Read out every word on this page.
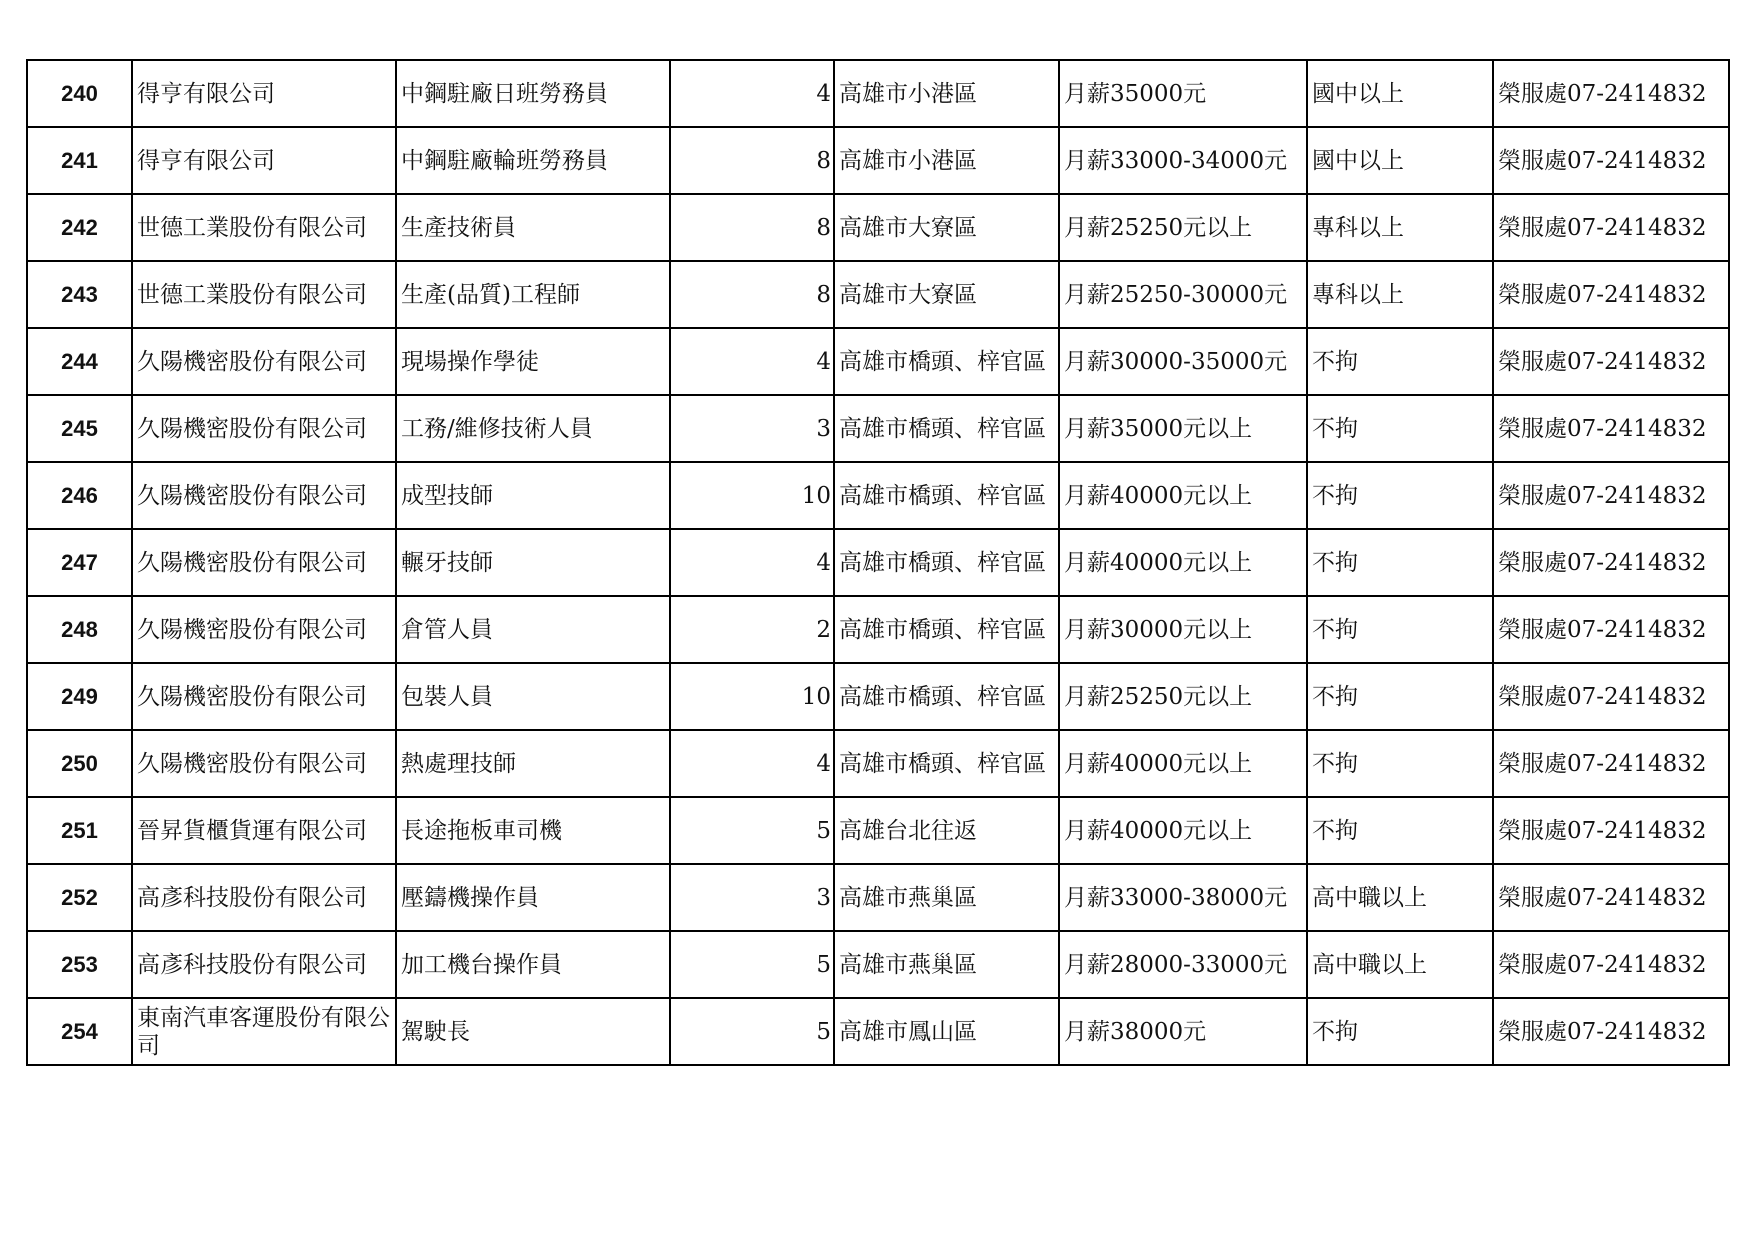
240	得亨有限公司	中鋼駐廠日班勞務員	4	高雄市小港區	月薪35000元	國中以上	榮服處07-2414832
241	得亨有限公司	中鋼駐廠輪班勞務員	8	高雄市小港區	月薪33000-34000元	國中以上	榮服處07-2414832
242	世德工業股份有限公司	生產技術員	8	高雄市大寮區	月薪25250元以上	專科以上	榮服處07-2414832
243	世德工業股份有限公司	生產(品質)工程師	8	高雄市大寮區	月薪25250-30000元	專科以上	榮服處07-2414832
244	久陽機密股份有限公司	現場操作學徒	4	高雄市橋頭、梓官區	月薪30000-35000元	不拘	榮服處07-2414832
245	久陽機密股份有限公司	工務/維修技術人員	3	高雄市橋頭、梓官區	月薪35000元以上	不拘	榮服處07-2414832
246	久陽機密股份有限公司	成型技師	10	高雄市橋頭、梓官區	月薪40000元以上	不拘	榮服處07-2414832
247	久陽機密股份有限公司	輾牙技師	4	高雄市橋頭、梓官區	月薪40000元以上	不拘	榮服處07-2414832
248	久陽機密股份有限公司	倉管人員	2	高雄市橋頭、梓官區	月薪30000元以上	不拘	榮服處07-2414832
249	久陽機密股份有限公司	包裝人員	10	高雄市橋頭、梓官區	月薪25250元以上	不拘	榮服處07-2414832
250	久陽機密股份有限公司	熱處理技師	4	高雄市橋頭、梓官區	月薪40000元以上	不拘	榮服處07-2414832
251	晉昇貨櫃貨運有限公司	長途拖板車司機	5	高雄台北往返	月薪40000元以上	不拘	榮服處07-2414832
252	高彥科技股份有限公司	壓鑄機操作員	3	高雄市燕巢區	月薪33000-38000元	高中職以上	榮服處07-2414832
253	高彥科技股份有限公司	加工機台操作員	5	高雄市燕巢區	月薪28000-33000元	高中職以上	榮服處07-2414832
254	東南汽車客運股份有限公司	駕駛長	5	高雄市鳳山區	月薪38000元	不拘	榮服處07-2414832
